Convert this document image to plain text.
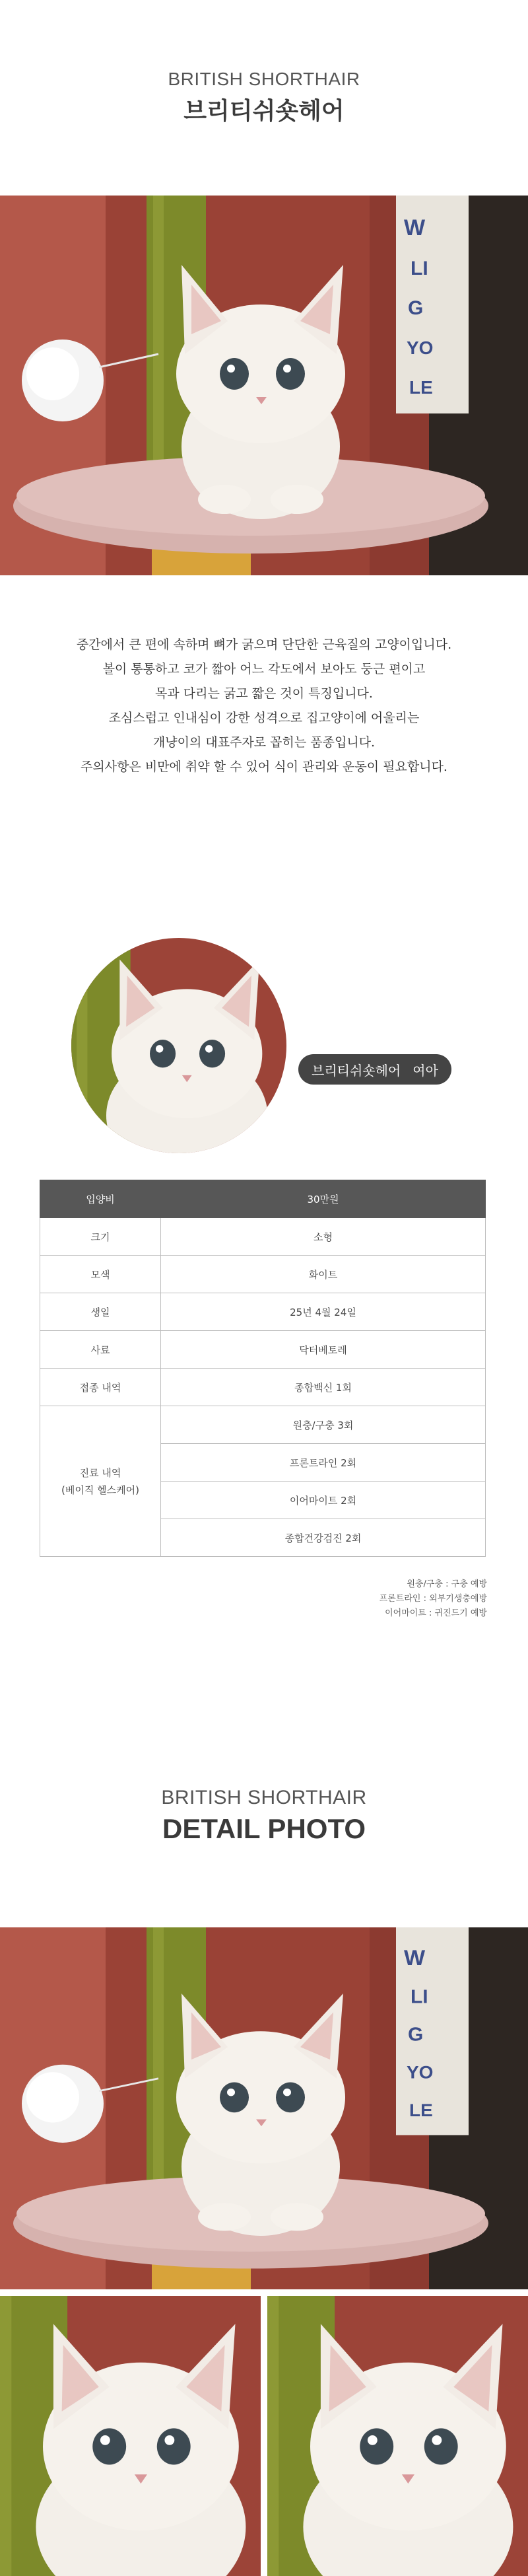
BRITISH SHORTHAIR
브리티쉬숏헤어

중간에서 큰 편에 속하며 뼈가 굵으며 단단한 근육질의 고양이입니다.

볼이 통통하고 코가 짧아 어느 각도에서 보아도 둥근 편이고

목과 다리는 굵고 짧은 것이 특징입니다.

조심스럽고 인내심이 강한 성격으로 집고양이에 어울리는

개냥이의 대표주자로 꼽히는 품종입니다.

주의사항은 비만에 취약 할 수 있어 식이 관리와 운동이 필요합니다.

브리티쉬숏헤어 여아
입양비	30만원
크기	소형
모색	화이트
생일	25년 4월 24일
사료	닥터베토레
접종 내역	종합백신 1회

진료 내역
(베이직 헬스케어)	원충/구충 3회
	프론트라인 2회
	이어마이트 2회
	종합건강검진 2회
원충/구충 : 구충 예방
프론트라인 : 외부기생충예방
이어마이트 : 귀진드기 예방
BRITISH SHORTHAIR
DETAIL PHOTO
